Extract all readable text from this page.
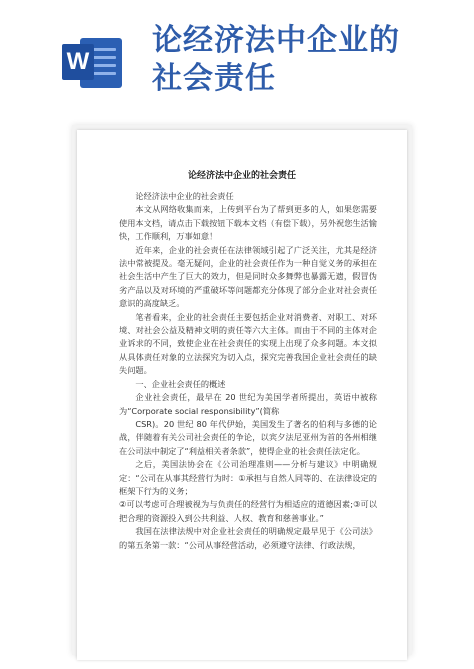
W
论经济法中企业的
社会责任
论经济法中企业的社会责任

论经济法中企业的社会责任

本文从网络收集而来，上传到平台为了帮到更多的人，如果您需要使用本文档，请点击下载按钮下载本文档（有偿下载），另外祝您生活愉快，工作顺利，万事如意！

近年来，企业的社会责任在法律领域引起了广泛关注，尤其是经济法中常被提及。毫无疑问，企业的社会责任作为一种自觉义务的承担在社会生活中产生了巨大的效力，但是同时众多舞弊也暴露无遗，假冒伪劣产品以及对环境的严重破坏等问题都充分体现了部分企业对社会责任意识的高度缺乏。

笔者看来，企业的社会责任主要包括企业对消费者、对职工、对环境、对社会公益及精神文明的责任等六大主体。而由于不同的主体对企业诉求的不同，致使企业在社会责任的实现上出现了众多问题。本文拟从具体责任对象的立法探究为切入点，探究完善我国企业社会责任的缺失问题。

一、企业社会责任的概述

企业社会责任，最早在 20 世纪为美国学者所提出，英语中被称为“Corporate social responsibility”(简称

CSR)。20 世纪 80 年代伊始，美国发生了著名的伯利与多德的论战，伴随着有关公司社会责任的争论，以宾夕法尼亚州为首的各州相继在公司法中制定了“利益相关者条款”，使得企业的社会责任法定化。

之后，美国法协会在《公司治理准则——分析与建议》中明确规定：“公司在从事其经营行为时：①承担与自然人同等的、在法律设定的框架下行为的义务；

②可以考虑可合理被视为与负责任的经营行为相适应的道德因素;③可以把合理的资源投入到公共利益、人权、教育和慈善事业。”

我国在法律法规中对企业社会责任的明确规定最早见于《公司法》的第五条第一款：“公司从事经营活动，必须遵守法律、行政法规，
